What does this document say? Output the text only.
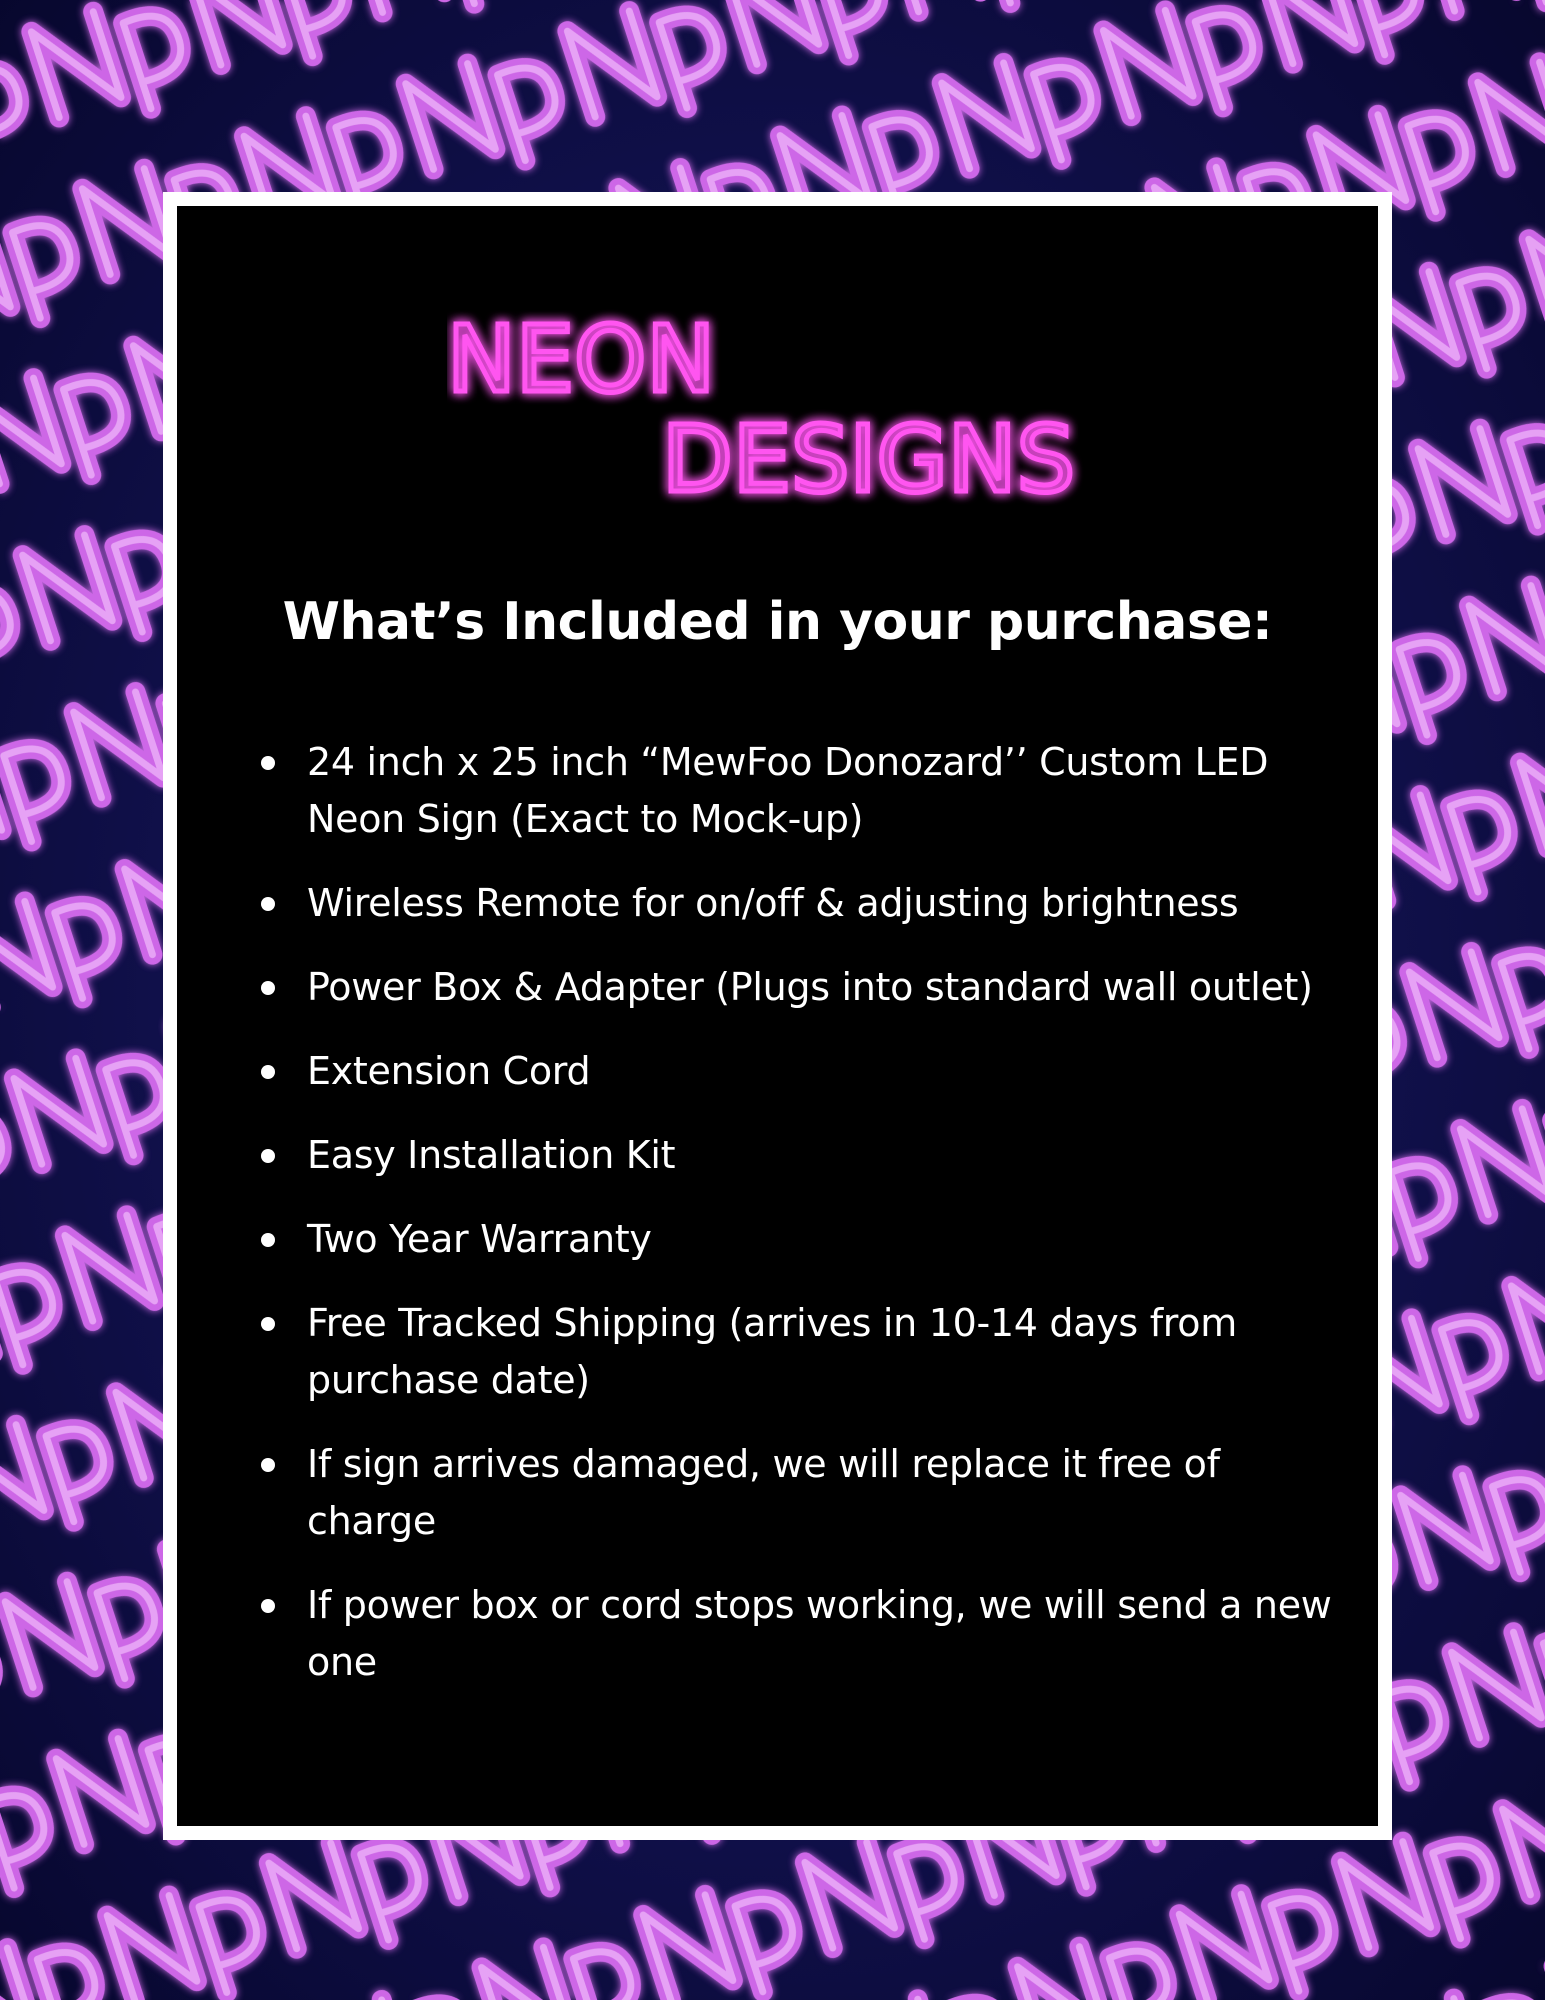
NEON
DESIGNS
What’s Included in your purchase:
24 inch x 25 inch “MewFoo Donozard’’ Custom LED Neon Sign (Exact to Mock-up)
Wireless Remote for on/off & adjusting brightness
Power Box & Adapter (Plugs into standard wall outlet)
Extension Cord
Easy Installation Kit
Two Year Warranty
Free Tracked Shipping (arrives in 10-14 days from purchase date)
If sign arrives damaged, we will replace it free of charge
If power box or cord stops working, we will send a new one
